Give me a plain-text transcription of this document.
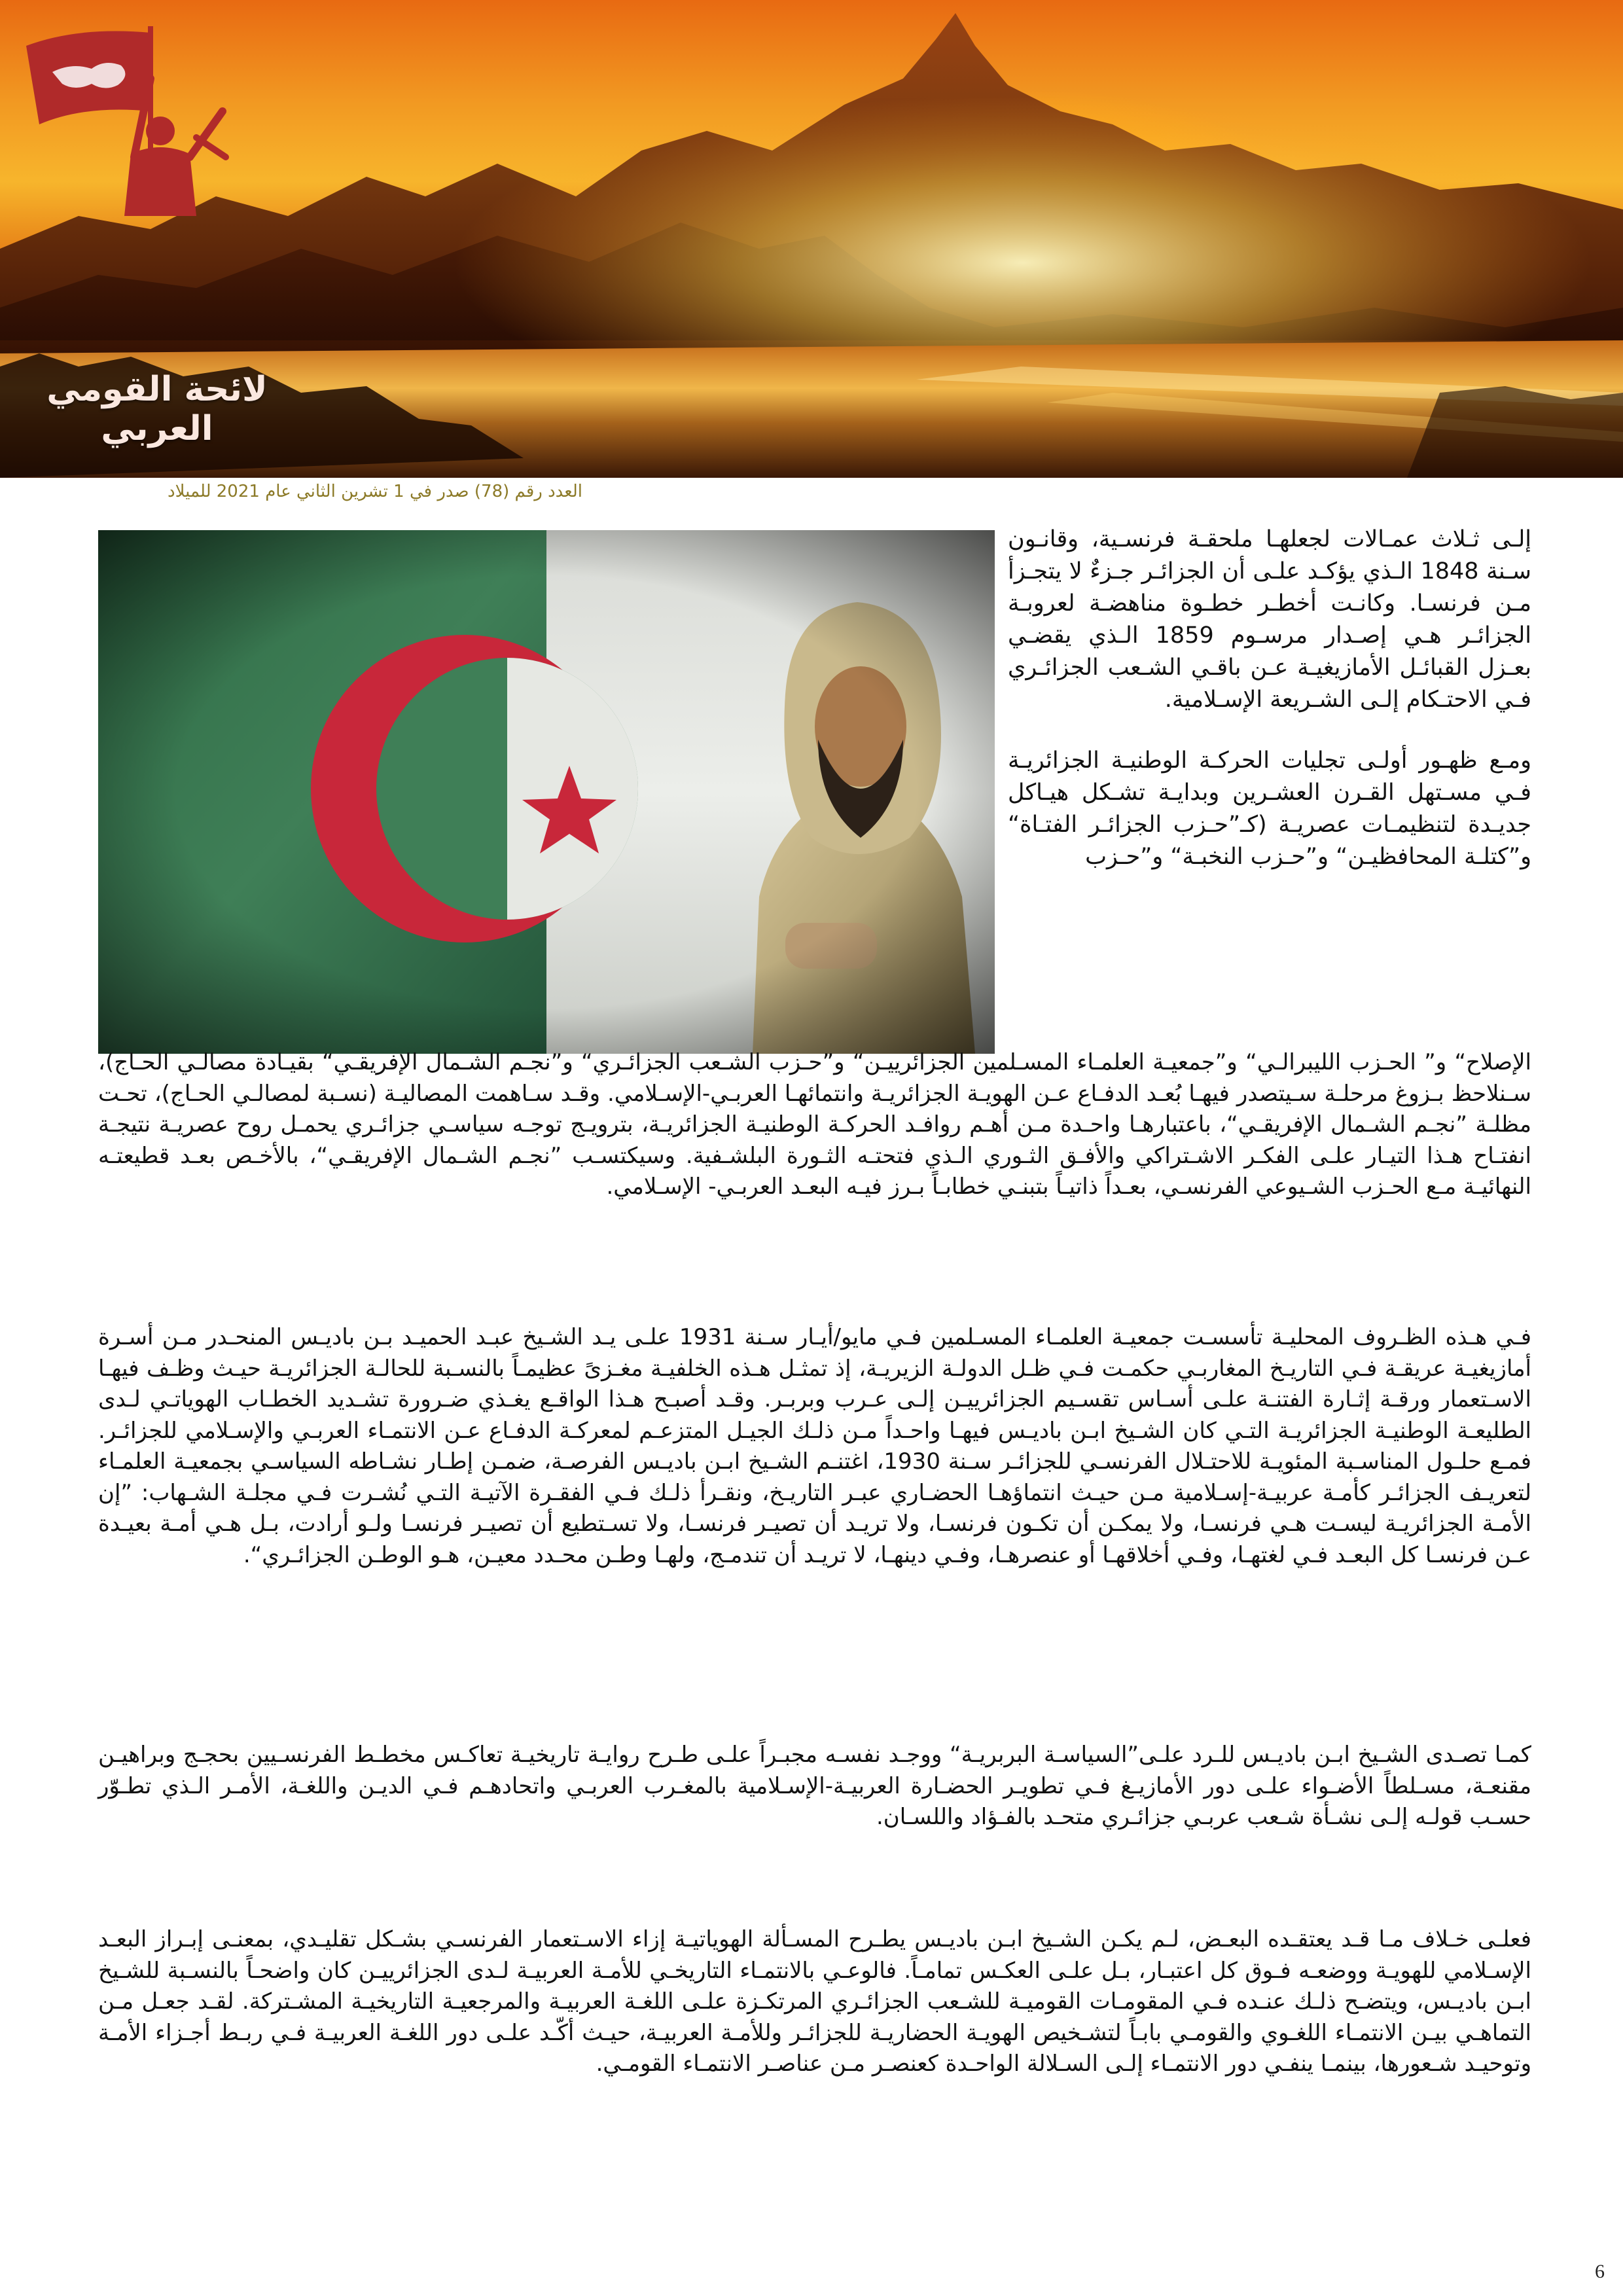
لائحة القومي العربي
العدد رقم (78) صدر في 1 تشرين الثاني عام 2021 للميلاد

إلـى ثـلاث عمـالات لجعلهـا ملحقـة فرنسـية، وقانـون سـنة 1848 الـذي يؤكـد علـى أن الجزائـر جـزءٌ لا يتجـزأ مـن فرنسـا. وكانـت أخطـر خطـوة مناهضـة لعروبـة الجزائـر هـي إصـدار مرسـوم 1859 الـذي يقضـي بعـزل القبائـل الأمازيغيـة عـن باقـي الشـعب الجزائـري فـي الاحتـكام إلـى الشـريعة الإسـلامية.

ومـع ظهـور أولـى تجليات الحركـة الوطنيـة الجزائريـة فـي مسـتهل القـرن العشـرين وبدايـة تشـكل هيـاكل جديـدة لتنظيمـات عصريـة (كـ”حـزب الجزائـر الفتـاة“ و”كتلـة المحافظيـن“ و”حـزب النخبـة“ و”حـزب

الإصلاح“ و” الحـزب الليبرالـي“ و”جمعيـة العلمـاء المسـلمين الجزائرييـن“ و”حـزب الشـعب الجزائـري“ و”نجـم الشـمال الإفريقـي“ بقيـادة مصالـي الحـاج)، سـنلاحظ بـزوغ مرحلـة سـيتصدر فيهـا بُعـد الدفـاع عـن الهويـة الجزائريـة وانتمائهـا العربـي-الإسـلامي. وقـد سـاهمت المصاليـة (نسـبة لمصالـي الحـاج)، تحـت مظلـة ”نجـم الشـمال الإفريقـي“، باعتبارهـا واحـدة مـن أهـم روافـد الحركـة الوطنيـة الجزائريـة، بترويـج توجـه سياسـي جزائـري يحمـل روح عصريـة نتيجـة انفتـاح هـذا التيـار علـى الفكـر الاشـتراكي والأفـق الثـوري الـذي فتحتـه الثـورة البلشـفية. وسيكتسـب ”نجـم الشـمال الإفريقـي“، بالأخـص بعـد قطيعتـه النهائيـة مـع الحـزب الشـيوعي الفرنسـي، بعـداً ذاتيـاً بتبنـي خطابـاً بـرز فيـه البعـد العربـي- الإسـلامي.

فـي هـذه الظـروف المحليـة تأسسـت جمعيـة العلمـاء المسـلمين فـي مايو/أيـار سـنة 1931 علـى يـد الشـيخ عبـد الحميـد بـن باديـس المنحـدر مـن أسـرة أمازيغيـة عريقـة فـي التاريـخ المغاربـي حكمـت فـي ظـل الدولـة الزيريـة، إذ تمثـل هـذه الخلفيـة مغـزىً عظيمـاً بالنسـبة للحالـة الجزائريـة حيـث وظـف فيهـا الاسـتعمار ورقـة إثـارة الفتنـة علـى أسـاس تقسـيم الجزائرييـن إلـى عـرب وبربـر. وقـد أصبـح هـذا الواقـع يغـذي ضـرورة تشـديد الخطـاب الهوياتـي لـدى الطليعـة الوطنيـة الجزائريـة التـي كان الشـيخ ابـن باديـس فيهـا واحـداً مـن ذلـك الجيـل المتزعـم لمعركـة الدفـاع عـن الانتمـاء العربـي والإسـلامي للجزائـر. فمـع حلـول المناسـبة المئويـة للاحتـلال الفرنسـي للجزائـر سـنة 1930، اغتنـم الشـيخ ابـن باديـس الفرصـة، ضمـن إطـار نشـاطه السياسـي بجمعيـة العلمـاء لتعريـف الجزائـر كأمـة عربيـة-إسـلامية مـن حيـث انتماؤهـا الحضـاري عبـر التاريـخ، ونقـرأ ذلـك فـي الفقـرة الآتيـة التـي نُشـرت فـي مجلـة الشـهاب: ”إن الأمـة الجزائريـة ليسـت هـي فرنسـا، ولا يمكـن أن تكـون فرنسـا، ولا تريـد أن تصيـر فرنسـا، ولا تسـتطيع أن تصيـر فرنسـا ولـو أرادت، بـل هـي أمـة بعيـدة عـن فرنسـا كل البعـد فـي لغتهـا، وفـي أخلاقهـا أو عنصرهـا، وفـي دينهـا، لا تريـد أن تندمـج، ولهـا وطـن محـدد معيـن، هـو الوطـن الجزائـري“.

كمـا تصـدى الشـيخ ابـن باديـس للـرد علـى”السياسـة البربريـة“ ووجـد نفسـه مجبـراً علـى طـرح روايـة تاريخيـة تعاكـس مخطـط الفرنسـيين بحجـج وبراهيـن مقنعـة، مسـلطاً الأضـواء علـى دور الأمازيـغ فـي تطويـر الحضـارة العربيـة-الإسـلامية بالمغـرب العربـي واتحادهـم فـي الديـن واللغـة، الأمـر الـذي تطـوّر حسـب قولـه إلـى نشـأة شـعب عربـي جزائـري متحـد بالفـؤاد واللسـان.

فعلـى خـلاف مـا قـد يعتقـده البعـض، لـم يكـن الشـيخ ابـن باديـس يطـرح المسـألة الهوياتيـة إزاء الاسـتعمار الفرنسـي بشـكل تقليـدي، بمعنـى إبـراز البعـد الإسـلامي للهويـة ووضعـه فـوق كل اعتبـار، بـل علـى العكـس تمامـاً. فالوعـي بالانتمـاء التاريخـي للأمـة العربيـة لـدى الجزائرييـن كان واضحـاً بالنسـبة للشـيخ ابـن باديـس، ويتضـح ذلـك عنـده فـي المقومـات القوميـة للشـعب الجزائـري المرتكـزة علـى اللغـة العربيـة والمرجعيـة التاريخيـة المشـتركة. لقـد جعـل مـن التماهـي بيـن الانتمـاء اللغـوي والقومـي بابـاً لتشـخيص الهويـة الحضاريـة للجزائـر وللأمـة العربيـة، حيـث أكّـد علـى دور اللغـة العربيـة فـي ربـط أجـزاء الأمـة وتوحيـد شـعورها، بينمـا ينفـي دور الانتمـاء إلـى السـلالة الواحـدة كعنصـر مـن عناصـر الانتمـاء القومـي.

6
